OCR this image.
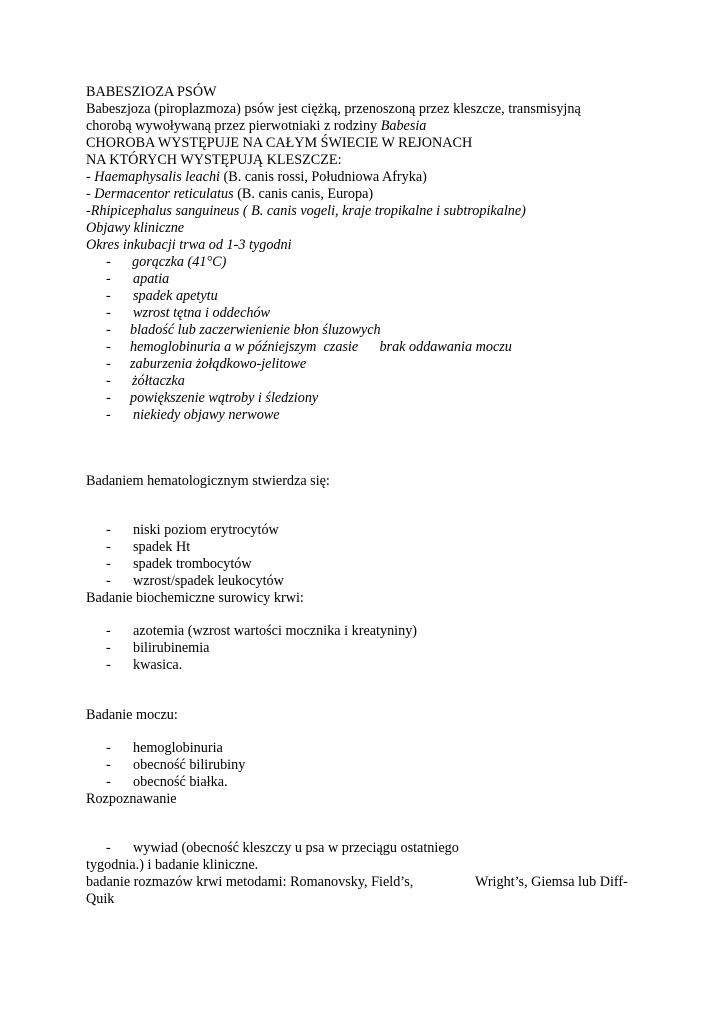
BABESZIOZA PSÓW
Babeszjoza (piroplazmoza) psów jest ciężką, przenoszoną przez kleszcze, transmisyjną
chorobą wywoływaną przez pierwotniaki z rodziny Babesia
CHOROBA WYSTĘPUJE NA CAŁYM ŚWIECIE W REJONACH
NA KTÓRYCH WYSTĘPUJĄ KLESZCZE:
- Haemaphysalis leachi (B. canis rossi, Południowa Afryka)
- Dermacentor reticulatus (B. canis canis, Europa)
-Rhipicephalus sanguineus ( B. canis vogeli, kraje tropikalne i subtropikalne)
Objawy kliniczne
Okres inkubacji trwa od 1-3 tygodni
- gorączka (41°C)
- apatia
- spadek apetytu
- wzrost tętna i oddechów
- bladość lub zaczerwienienie błon śluzowych
- hemoglobinuria a w późniejszym  czasie      brak oddawania moczu
- zaburzenia żołądkowo-jelitowe
- żółtaczka
- powiększenie wątroby i śledziony
- niekiedy objawy nerwowe
Badaniem hematologicznym stwierdza się:
- niski poziom erytrocytów
- spadek Ht
- spadek trombocytów
- wzrost/spadek leukocytów
Badanie biochemiczne surowicy krwi:
- azotemia (wzrost wartości mocznika i kreatyniny)
- bilirubinemia
- kwasica.
Badanie moczu:
- hemoglobinuria
- obecność bilirubiny
- obecność białka.
Rozpoznawanie
- wywiad (obecność kleszczy u psa w przeciągu ostatniego
tygodnia.) i badanie kliniczne.
badanie rozmazów krwi metodami: Romanovsky, Field’s,	Wright’s, Giemsa lub Diff-
Quik
